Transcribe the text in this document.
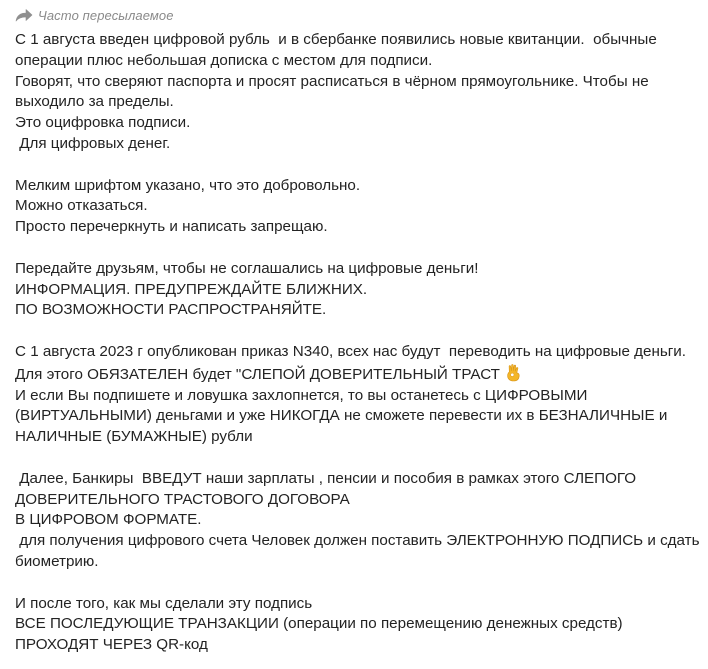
Часто пересылаемое
С 1 августа введен цифровой рубль  и в сбербанке появились новые квитанции.  обычные
операции плюс небольшая дописка с местом для подписи.
Говорят, что сверяют паспорта и просят расписаться в чёрном прямоугольнике. Чтобы не
выходило за пределы.
Это оцифровка подписи.
Для цифровых денег.
Мелким шрифтом указано, что это добровольно.
Можно отказаться.
Просто перечеркнуть и написать запрещаю.
Передайте друзьям, чтобы не соглашались на цифровые деньги!
ИНФОРМАЦИЯ. ПРЕДУПРЕЖДАЙТЕ БЛИЖНИХ.
ПО ВОЗМОЖНОСТИ РАСПРОСТРАНЯЙТЕ.
С 1 августа 2023 г опубликован приказ N340, всех нас будут  переводить на цифровые деньги.
Для этого ОБЯЗАТЕЛЕН будет "СЛЕПОЙ ДОВЕРИТЕЛЬНЫЙ ТРАСТ
И если Вы подпишете и ловушка захлопнется, то вы останетесь с ЦИФРОВЫМИ
(ВИРТУАЛЬНЫМИ) деньгами и уже НИКОГДА не сможете перевести их в БЕЗНАЛИЧНЫЕ и
НАЛИЧНЫЕ (БУМАЖНЫЕ) рубли
Далее, Банкиры  ВВЕДУТ наши зарплаты , пенсии и пособия в рамках этого СЛЕПОГО
ДОВЕРИТЕЛЬНОГО ТРАСТОВОГО ДОГОВОРА
В ЦИФРОВОМ ФОРМАТЕ.
для получения цифрового счета Человек должен поставить ЭЛЕКТРОННУЮ ПОДПИСЬ и сдать
биометрию.
И после того, как мы сделали эту подпись
ВСЕ ПОСЛЕДУЮЩИЕ ТРАНЗАКЦИИ (операции по перемещению денежных средств)
ПРОХОДЯТ ЧЕРЕЗ QR-код
